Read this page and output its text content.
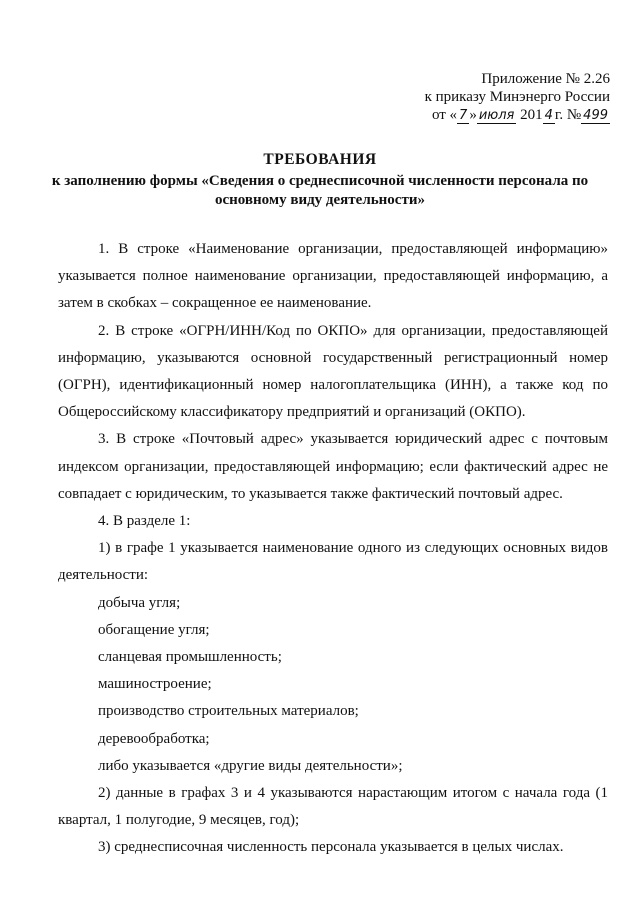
Приложение № 2.26
к приказу Минэнерго России
от « 7 » июля 201 4 г. № 499
ТРЕБОВАНИЯ
к заполнению формы «Сведения о среднесписочной численности персонала по основному виду деятельности»

1. В строке «Наименование организации, предоставляющей информацию» указывается полное наименование организации, предоставляющей информацию, а затем в скобках – сокращенное ее наименование.

2. В строке «ОГРН/ИНН/Код по ОКПО» для организации, предоставляющей информацию, указываются основной государственный регистрационный номер (ОГРН), идентификационный номер налогоплательщика (ИНН), а также код по Общероссийскому классификатору предприятий и организаций (ОКПО).

3. В строке «Почтовый адрес» указывается юридический адрес с почтовым индексом организации, предоставляющей информацию; если фактический адрес не совпадает с юридическим, то указывается также фактический почтовый адрес.

4. В разделе 1:

1) в графе 1 указывается наименование одного из следующих основных видов деятельности:

добыча угля;

обогащение угля;

сланцевая промышленность;

машиностроение;

производство строительных материалов;

деревообработка;

либо указывается «другие виды деятельности»;

2) данные в графах 3 и 4 указываются нарастающим итогом с начала года (1 квартал, 1 полугодие, 9 месяцев, год);

3) среднесписочная численность персонала указывается в целых числах.
